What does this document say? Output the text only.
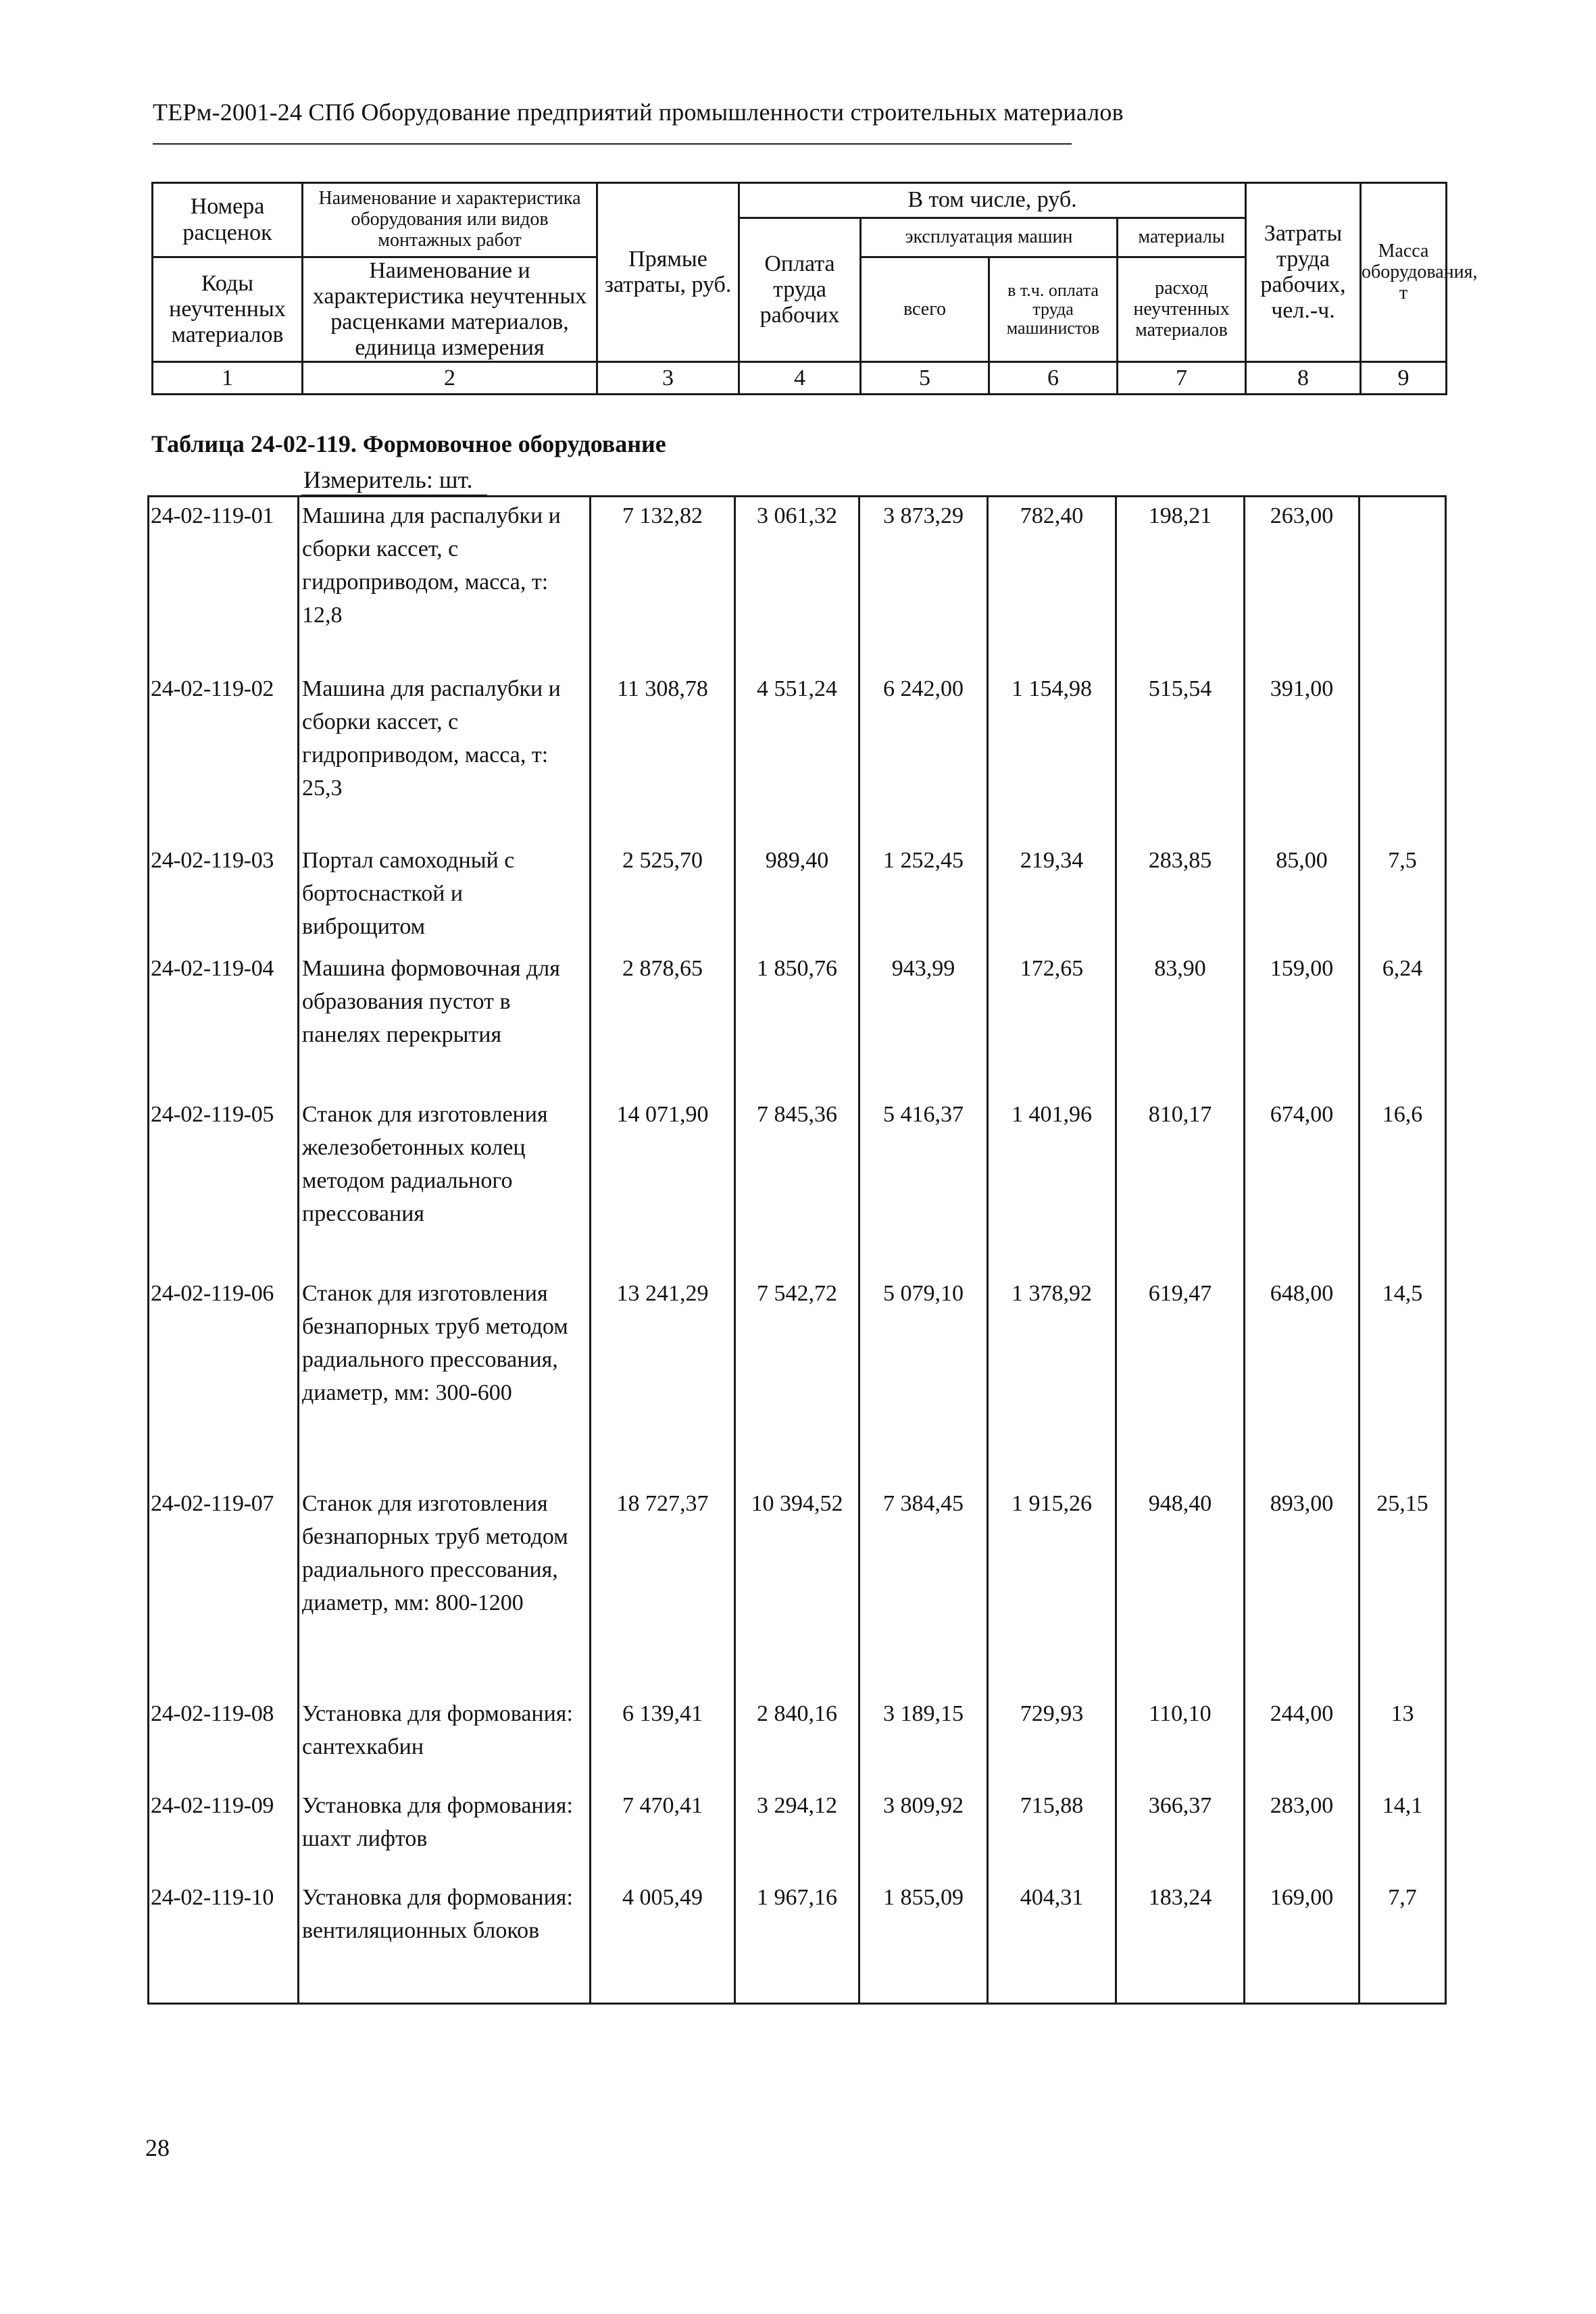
ТЕРм-2001-24 СПб Оборудование предприятий промышленности строительных материалов
Номера расценок	Наименование и характеристика оборудования или видов монтажных работ	Прямые затраты, руб.	В том числе, руб.				Затраты труда рабочих, чел.-ч.	Масса оборудования, т
			Оплата труда рабочих	эксплуатация машин		материалы		
Коды неучтенных материалов	Наименование и характеристика неучтенных расценками материалов, единица измерения			всего	в т.ч. оплата труда машинистов	расход неучтенных материалов		

1	2	3	4	5	6	7	8	9
Таблица 24-02-119. Формовочное оборудование
Измеритель: шт.
24-02-119-01	Машина для распалубки и сборки кассет, с гидроприводом, масса, т: 12,8	7 132,82	3 061,32	3 873,29	782,40	198,21	263,00	
24-02-119-02	Машина для распалубки и сборки кассет, с гидроприводом, масса, т: 25,3	11 308,78	4 551,24	6 242,00	1 154,98	515,54	391,00	
24-02-119-03	Портал самоходный с бортоснасткой и виброщитом	2 525,70	989,40	1 252,45	219,34	283,85	85,00	7,5
24-02-119-04	Машина формовочная для образования пустот в панелях перекрытия	2 878,65	1 850,76	943,99	172,65	83,90	159,00	6,24
24-02-119-05	Станок для изготовления железобетонных колец методом радиального прессования	14 071,90	7 845,36	5 416,37	1 401,96	810,17	674,00	16,6
24-02-119-06	Станок для изготовления безнапорных труб методом радиального прессования, диаметр, мм: 300-600	13 241,29	7 542,72	5 079,10	1 378,92	619,47	648,00	14,5
24-02-119-07	Станок для изготовления безнапорных труб методом радиального прессования, диаметр, мм: 800-1200	18 727,37	10 394,52	7 384,45	1 915,26	948,40	893,00	25,15
24-02-119-08	Установка для формования: сантехкабин	6 139,41	2 840,16	3 189,15	729,93	110,10	244,00	13
24-02-119-09	Установка для формования: шахт лифтов	7 470,41	3 294,12	3 809,92	715,88	366,37	283,00	14,1
24-02-119-10	Установка для формования: вентиляционных блоков	4 005,49	1 967,16	1 855,09	404,31	183,24	169,00	7,7
28
